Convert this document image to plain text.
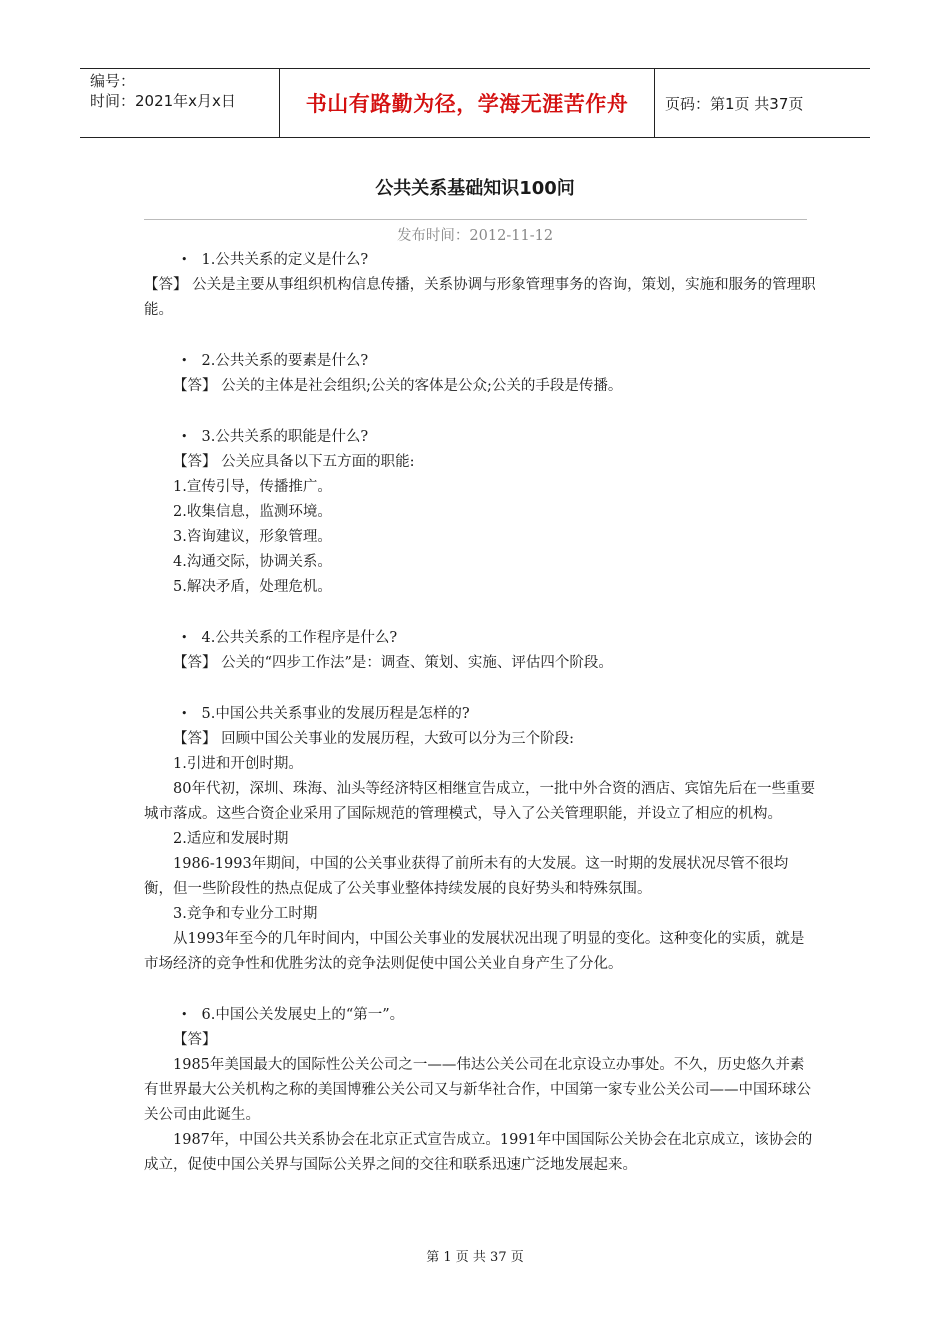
编号：
时间：2021年x月x日	书山有路勤为径，学海无涯苦作舟	页码：第1页 共37页
公共关系基础知识100问
发布时间：2012-11-12

• 1.公共关系的定义是什么?

【答】 公关是主要从事组织机构信息传播，关系协调与形象管理事务的咨询，策划，实施和服务的管理职能。

• 2.公共关系的要素是什么?

【答】 公关的主体是社会组织;公关的客体是公众;公关的手段是传播。

• 3.公共关系的职能是什么?

【答】 公关应具备以下五方面的职能:

1.宣传引导，传播推广。

2.收集信息，监测环境。

3.咨询建议，形象管理。

4.沟通交际，协调关系。

5.解决矛盾，处理危机。

• 4.公共关系的工作程序是什么?

【答】 公关的“四步工作法”是：调查、策划、实施、评估四个阶段。

• 5.中国公共关系事业的发展历程是怎样的?

【答】 回顾中国公关事业的发展历程，大致可以分为三个阶段:

1.引进和开创时期。

80年代初，深圳、珠海、汕头等经济特区相继宣告成立，一批中外合资的酒店、宾馆先后在一些重要城市落成。这些合资企业采用了国际规范的管理模式，导入了公关管理职能，并设立了相应的机构。

2.适应和发展时期

1986-1993年期间，中国的公关事业获得了前所未有的大发展。这一时期的发展状况尽管不很均衡，但一些阶段性的热点促成了公关事业整体持续发展的良好势头和特殊氛围。

3.竞争和专业分工时期

从1993年至今的几年时间内，中国公关事业的发展状况出现了明显的变化。这种变化的实质，就是市场经济的竞争性和优胜劣汰的竞争法则促使中国公关业自身产生了分化。

• 6.中国公关发展史上的“第一”。

【答】

1985年美国最大的国际性公关公司之一——伟达公关公司在北京设立办事处。不久，历史悠久并素有世界最大公关机构之称的美国博雅公关公司又与新华社合作，中国第一家专业公关公司——中国环球公关公司由此诞生。

1987年，中国公共关系协会在北京正式宣告成立。1991年中国国际公关协会在北京成立，该协会的成立，促使中国公关界与国际公关界之间的交往和联系迅速广泛地发展起来。

第 1 页 共 37 页
